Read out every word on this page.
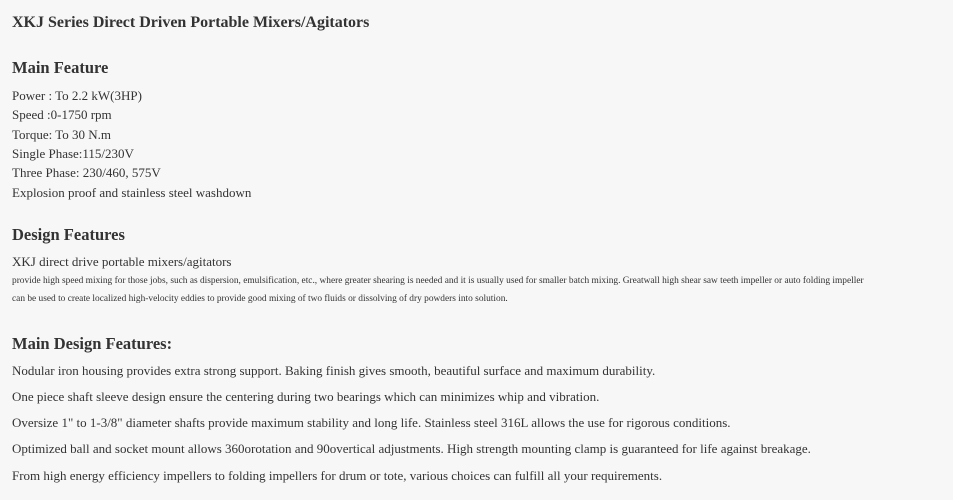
XKJ Series Direct Driven Portable Mixers/Agitators
Main Feature

Power : To 2.2 kW(3HP)

Speed :0-1750 rpm

Torque: To 30 N.m

Single Phase:115/230V

Three Phase: 230/460, 575V

Explosion proof and stainless steel washdown

Design Features

XKJ direct drive portable mixers/agitators

provide high speed mixing for those jobs, such as dispersion, emulsification, etc., where greater shearing is needed and it is usually used for smaller batch mixing. Greatwall high shear saw teeth impeller or auto folding impeller

can be used to create localized high-velocity eddies to provide good mixing of two fluids or dissolving of dry powders into solution.

Main Design Features:

Nodular iron housing provides extra strong support. Baking finish gives smooth, beautiful surface and maximum durability.

One piece shaft sleeve design ensure the centering during two bearings which can minimizes whip and vibration.

Oversize 1" to 1-3/8" diameter shafts provide maximum stability and long life. Stainless steel 316L allows the use for rigorous conditions.

Optimized ball and socket mount allows 360orotation and 90overtical adjustments. High strength mounting clamp is guaranteed for life against breakage.

From high energy efficiency impellers to folding impellers for drum or tote, various choices can fulfill all your requirements.
